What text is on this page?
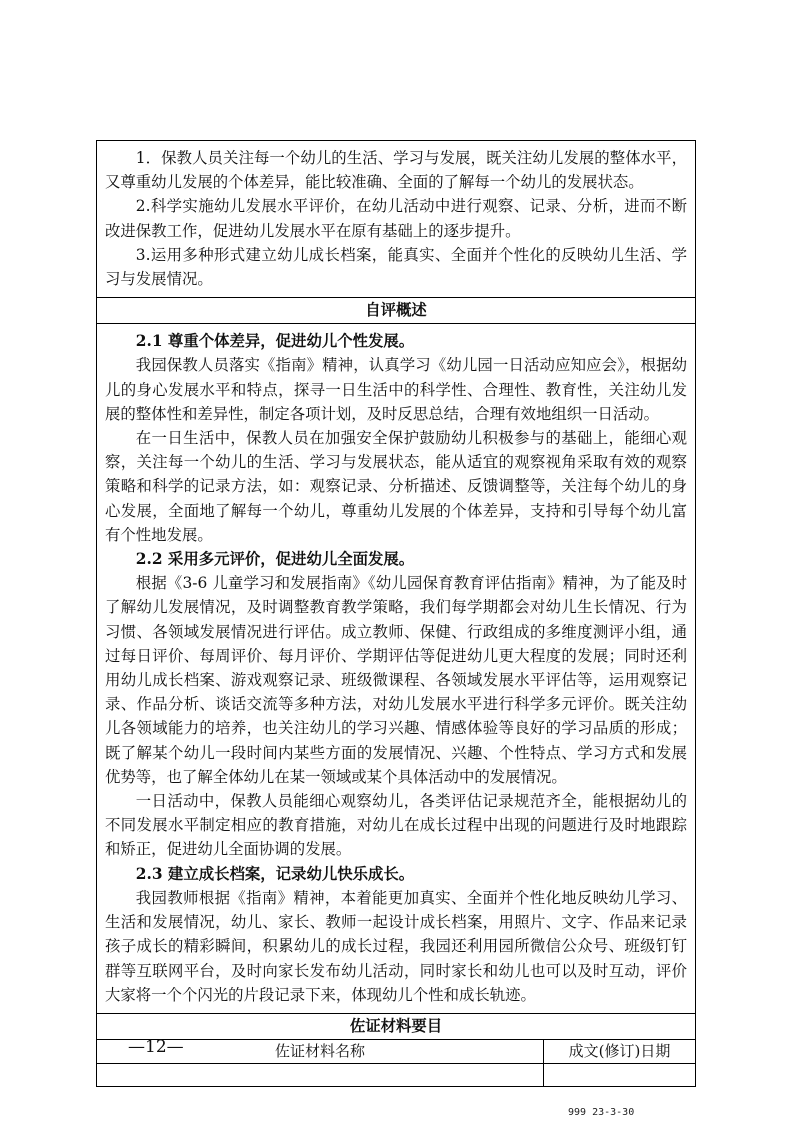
1．保教人员关注每一个幼儿的生活、学习与发展，既关注幼儿发展的整体水平，又尊重幼儿发展的个体差异，能比较准确、全面的了解每一个幼儿的发展状态。

2.科学实施幼儿发展水平评价，在幼儿活动中进行观察、记录、分析，进而不断改进保教工作，促进幼儿发展水平在原有基础上的逐步提升。

3.运用多种形式建立幼儿成长档案，能真实、全面并个性化的反映幼儿生活、学习与发展情况。

自评概述

2.1 尊重个体差异，促进幼儿个性发展。

我园保教人员落实《指南》精神，认真学习《幼儿园一日活动应知应会》，根据幼儿的身心发展水平和特点，探寻一日生活中的科学性、合理性、教育性，关注幼儿发展的整体性和差异性，制定各项计划，及时反思总结，合理有效地组织一日活动。

在一日生活中，保教人员在加强安全保护鼓励幼儿积极参与的基础上，能细心观察，关注每一个幼儿的生活、学习与发展状态，能从适宜的观察视角采取有效的观察策略和科学的记录方法，如：观察记录、分析描述、反馈调整等，关注每个幼儿的身心发展，全面地了解每一个幼儿，尊重幼儿发展的个体差异，支持和引导每个幼儿富有个性地发展。

2.2 采用多元评价，促进幼儿全面发展。

根据《3-6 儿童学习和发展指南》《幼儿园保育教育评估指南》精神，为了能及时了解幼儿发展情况，及时调整教育教学策略，我们每学期都会对幼儿生长情况、行为习惯、各领域发展情况进行评估。成立教师、保健、行政组成的多维度测评小组，通过每日评价、每周评价、每月评价、学期评估等促进幼儿更大程度的发展；同时还利用幼儿成长档案、游戏观察记录、班级微课程、各领域发展水平评估等，运用观察记录、作品分析、谈话交流等多种方法，对幼儿发展水平进行科学多元评价。既关注幼儿各领域能力的培养，也关注幼儿的学习兴趣、情感体验等良好的学习品质的形成；既了解某个幼儿一段时间内某些方面的发展情况、兴趣、个性特点、学习方式和发展优势等，也了解全体幼儿在某一领域或某个具体活动中的发展情况。

一日活动中，保教人员能细心观察幼儿，各类评估记录规范齐全，能根据幼儿的不同发展水平制定相应的教育措施，对幼儿在成长过程中出现的问题进行及时地跟踪和矫正，促进幼儿全面协调的发展。

2.3 建立成长档案，记录幼儿快乐成长。

我园教师根据《指南》精神，本着能更加真实、全面并个性化地反映幼儿学习、生活和发展情况，幼儿、家长、教师一起设计成长档案，用照片、文字、作品来记录孩子成长的精彩瞬间，积累幼儿的成长过程，我园还利用园所微信公众号、班级钉钉群等互联网平台，及时向家长发布幼儿活动，同时家长和幼儿也可以及时互动，评价大家将一个个闪光的片段记录下来，体现幼儿个性和成长轨迹。

佐证材料要目
佐证材料名称	成文(修订)日期
—12—
999 23-3-30
